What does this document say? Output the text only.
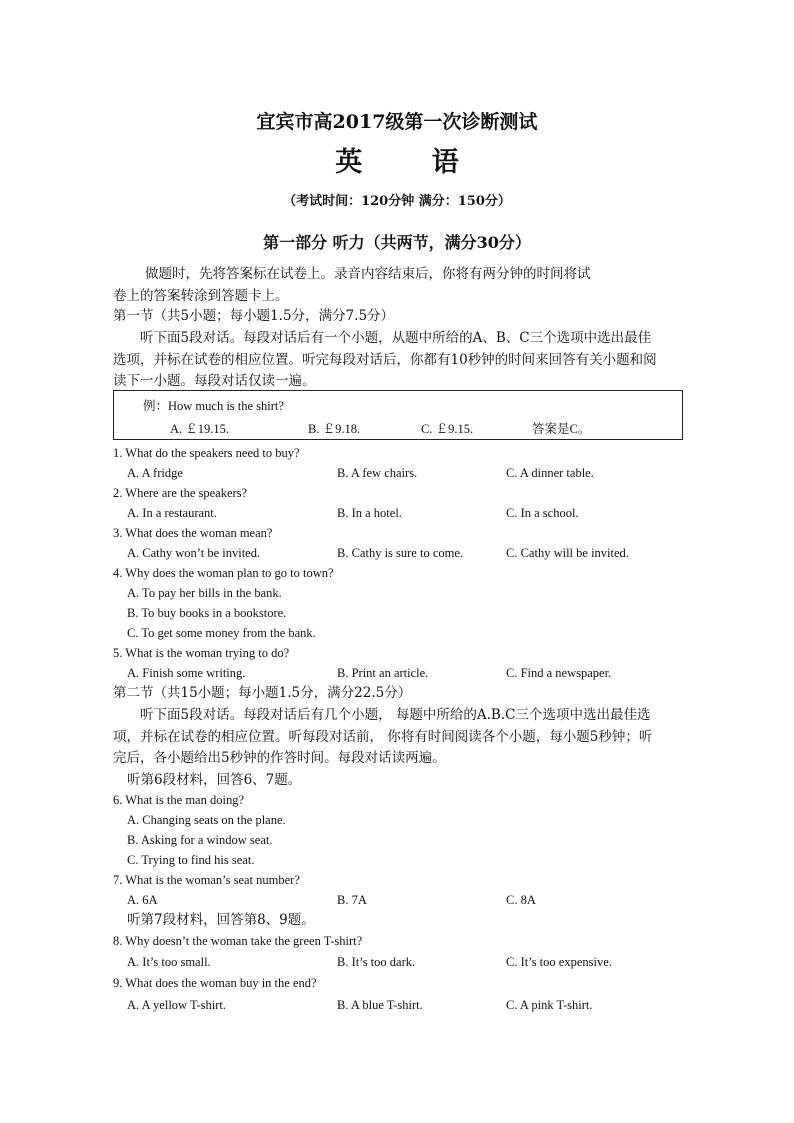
宜宾市高2017级第一次诊断测试
英 语
（考试时间：120分钟 满分：150分）
第一部分 听力（共两节，满分30分）
做题时，先将答案标在试卷上。录音内容结束后，你将有两分钟的时间将试
卷上的答案转涂到答题卡上。
第一节（共5小题；每小题1.5分，满分7.5分）
听下面5段对话。每段对话后有一个小题，从题中所给的A、B、C三个选项中选出最佳
选项，并标在试卷的相应位置。听完每段对话后，你都有10秒钟的时间来回答有关小题和阅
读下一小题。每段对话仅读一遍。
例：How much is the shirt?
A. ￡19.15.	B. ￡9.18.	C. ￡9.15.	答案是C。
1. What do the speakers need to buy?
A. A fridge	B. A few chairs.	C. A dinner table.
2. Where are the speakers?
A. In a restaurant.	B. In a hotel.	C. In a school.
3. What does the woman mean?
A. Cathy won’t be invited.	B. Cathy is sure to come.	C. Cathy will be invited.
4. Why does the woman plan to go to town?
A. To pay her bills in the bank.
B. To buy books in a bookstore.
C. To get some money from the bank.
5. What is the woman trying to do?
A. Finish some writing.	B. Print an article.	C. Find a newspaper.
第二节（共15小题；每小题1.5分，满分22.5分）
听下面5段对话。每段对话后有几个小题， 每题中所给的A.B.C三个选项中选出最佳选
项，并标在试卷的相应位置。听每段对话前， 你将有时间阅读各个小题，每小题5秒钟；听
完后，各小题给出5秒钟的作答时间。每段对话读两遍。
听第6段材料，回答6、7题。
6. What is the man doing?
A. Changing seats on the plane.
B. Asking for a window seat.
C. Trying to find his seat.
7. What is the woman’s seat number?
A. 6A	B. 7A	C. 8A
听第7段材料，回答第8、9题。
8. Why doesn’t the woman take the green T-shirt?
A. It’s too small.	B. It’s too dark.	C. It’s too expensive.
9. What does the woman buy in the end?
A. A yellow T-shirt.	B. A blue T-shirt.	C. A pink T-shirt.
